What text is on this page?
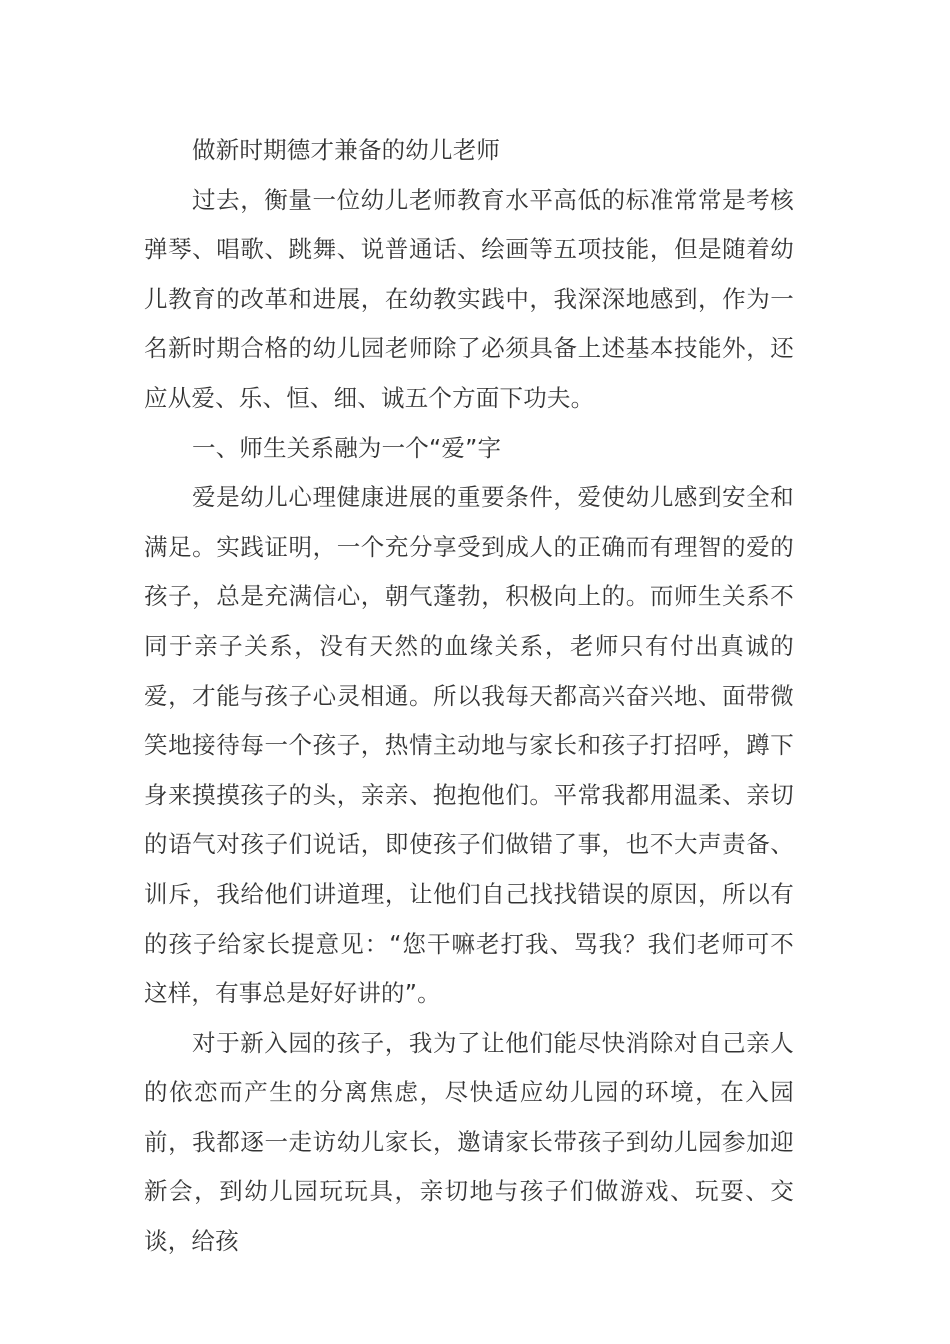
做新时期德才兼备的幼儿老师

过去，衡量一位幼儿老师教育水平高低的标准常常是考核弹琴、唱歌、跳舞、说普通话、绘画等五项技能，但是随着幼儿教育的改革和进展，在幼教实践中，我深深地感到，作为一名新时期合格的幼儿园老师除了必须具备上述基本技能外，还应从爱、乐、恒、细、诚五个方面下功夫。

一、师生关系融为一个“爱”字

爱是幼儿心理健康进展的重要条件，爱使幼儿感到安全和满足。实践证明，一个充分享受到成人的正确而有理智的爱的孩子，总是充满信心，朝气蓬勃，积极向上的。而师生关系不同于亲子关系，没有天然的血缘关系，老师只有付出真诚的爱，才能与孩子心灵相通。所以我每天都高兴奋兴地、面带微笑地接待每一个孩子，热情主动地与家长和孩子打招呼，蹲下身来摸摸孩子的头，亲亲、抱抱他们。平常我都用温柔、亲切的语气对孩子们说话，即使孩子们做错了事，也不大声责备、训斥，我给他们讲道理，让他们自己找找错误的原因，所以有的孩子给家长提意见：“您干嘛老打我、骂我？我们老师可不这样，有事总是好好讲的”。

对于新入园的孩子，我为了让他们能尽快消除对自己亲人的依恋而产生的分离焦虑，尽快适应幼儿园的环境，在入园前，我都逐一走访幼儿家长，邀请家长带孩子到幼儿园参加迎新会，到幼儿园玩玩具，亲切地与孩子们做游戏、玩耍、交谈，给孩
